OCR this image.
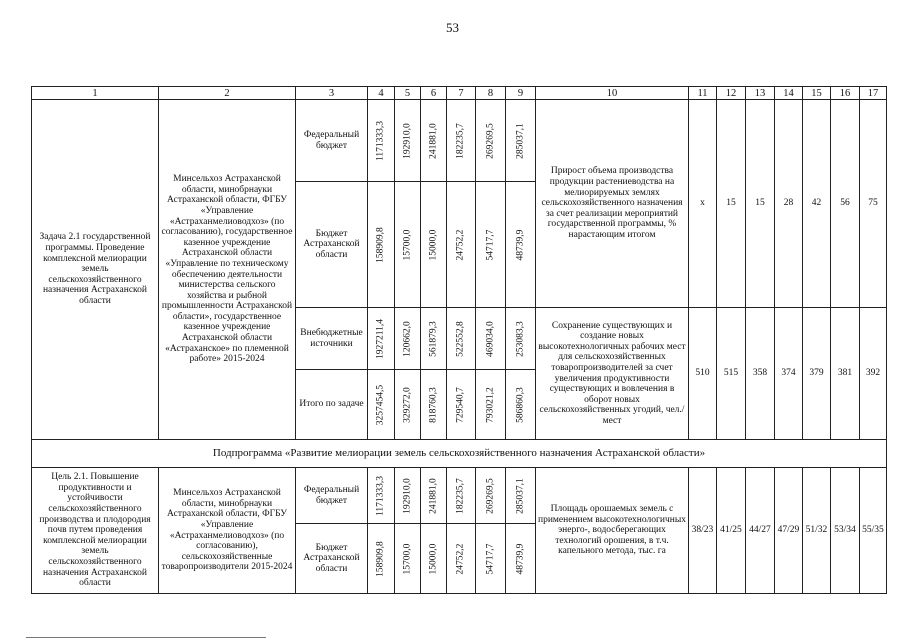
53
1	2	3	4	5	6	7	8	9	10	11	12	13	14	15	16	17
Задача 2.1 государственной программы. Проведение комплексной мелиорации земель сельскохозяйственного назначения Астраханской области	Минсельхоз Астраханской области, минобрнауки Астраханской области, ФГБУ «Управление «Астраханмелиоводхоз» (по согласованию), государственное казенное учреждение Астраханской области «Управление по техническому обеспечению деятельности министерства сельского хозяйства и рыбной промышленности Астраханской области», государственное казенное учреждение Астраханской области «Астраханское» по племенной работе» 2015-2024	Федеральный бюджет	1171333,3	192910,0	241881,0	182235,7	269269,5	285037,1	Прирост объема производства продукции растениеводства на мелиорируемых землях сельскохозяйственного назначения за счет реализации мероприятий государственной программы, % нарастающим итогом	x	15	15	28	42	56	75
		Бюджет Астраханской области	158909,8	15700,0	15000,0	24752,2	54717,7	48739,9								

		Внебюджетные источники	1927211,4	120662,0	561879,3	522552,8	469034,0	253083,3	Сохранение существующих и создание новых высокотехнологичных рабочих мест для сельскохозяйственных товаропроизводителей за счет увеличения продуктивности существующих и вовлечения в оборот новых сельскохозяйственных угодий, чел./мест	510	515	358	374	379	381	392
		Итого по задаче	3257454,5	329272,0	818760,3	729540,7	793021,2	586860,3								

Подпрограмма «Развитие мелиорации земель сельскохозяйственного назначения Астраханской области»																
Цель 2.1. Повышение продуктивности и устойчивости сельскохозяйственного производства и плодородия почв путем проведения комплексной мелиорации земель сельскохозяйственного назначения Астраханской области	Минсельхоз Астраханской области, минобрнауки Астраханской области, ФГБУ «Управление «Астраханмелиоводхоз» (по согласованию), сельскохозяйственные товаропроизводители 2015-2024	Федеральный бюджет	1171333,3	192910,0	241881,0	182235,7	269269,5	285037,1	Площадь орошаемых земель с применением высокотехнологичных энерго-, водосберегающих технологий орошения, в т.ч. капельного метода, тыс. га	38/23	41/25	44/27	47/29	51/32	53/34	55/35
		Бюджет Астраханской области	158909,8	15700,0	15000,0	24752,2	54717,7	48739,9								
